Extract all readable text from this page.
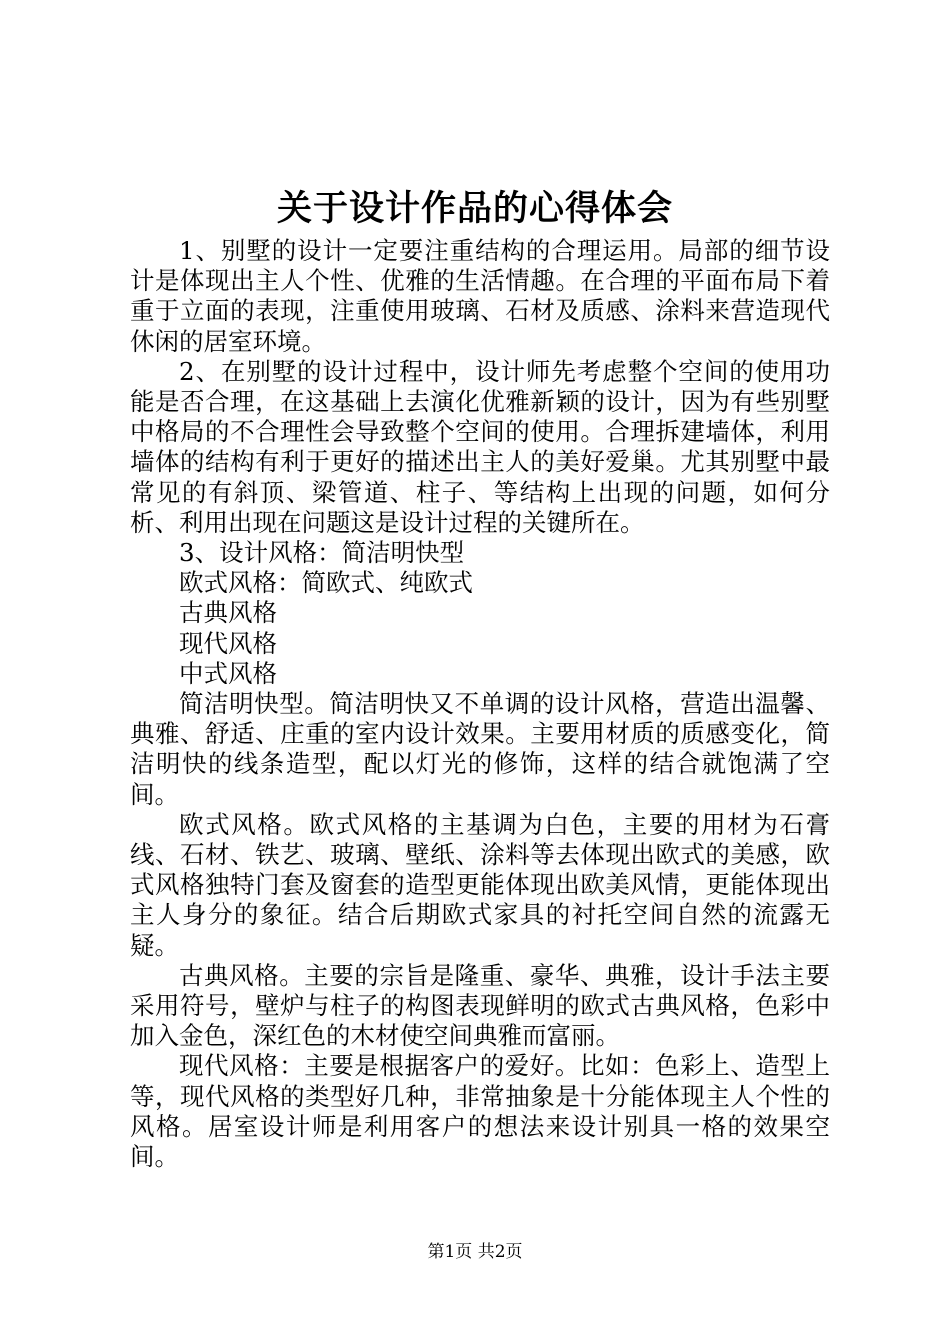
关于设计作品的心得体会

1、别墅的设计一定要注重结构的合理运用。局部的细节设计是体现出主人个性、优雅的生活情趣。在合理的平面布局下着重于立面的表现，注重使用玻璃、石材及质感、涂料来营造现代休闲的居室环境。

2、在别墅的设计过程中，设计师先考虑整个空间的使用功能是否合理，在这基础上去演化优雅新颖的设计，因为有些别墅中格局的不合理性会导致整个空间的使用。合理拆建墙体，利用墙体的结构有利于更好的描述出主人的美好爱巢。尤其别墅中最常见的有斜顶、梁管道、柱子、等结构上出现的问题，如何分析、利用出现在问题这是设计过程的关键所在。

3、设计风格：简洁明快型

欧式风格：简欧式、纯欧式

古典风格

现代风格

中式风格

简洁明快型。简洁明快又不单调的设计风格，营造出温馨、典雅、舒适、庄重的室内设计效果。主要用材质的质感变化，简洁明快的线条造型，配以灯光的修饰，这样的结合就饱满了空间。

欧式风格。欧式风格的主基调为白色，主要的用材为石膏线、石材、铁艺、玻璃、壁纸、涂料等去体现出欧式的美感，欧式风格独特门套及窗套的造型更能体现出欧美风情，更能体现出主人身分的象征。结合后期欧式家具的衬托空间自然的流露无疑。

古典风格。主要的宗旨是隆重、豪华、典雅，设计手法主要采用符号，壁炉与柱子的构图表现鲜明的欧式古典风格，色彩中加入金色，深红色的木材使空间典雅而富丽。

现代风格：主要是根据客户的爱好。比如：色彩上、造型上等，现代风格的类型好几种，非常抽象是十分能体现主人个性的风格。居室设计师是利用客户的想法来设计别具一格的效果空间。

第1页 共2页
